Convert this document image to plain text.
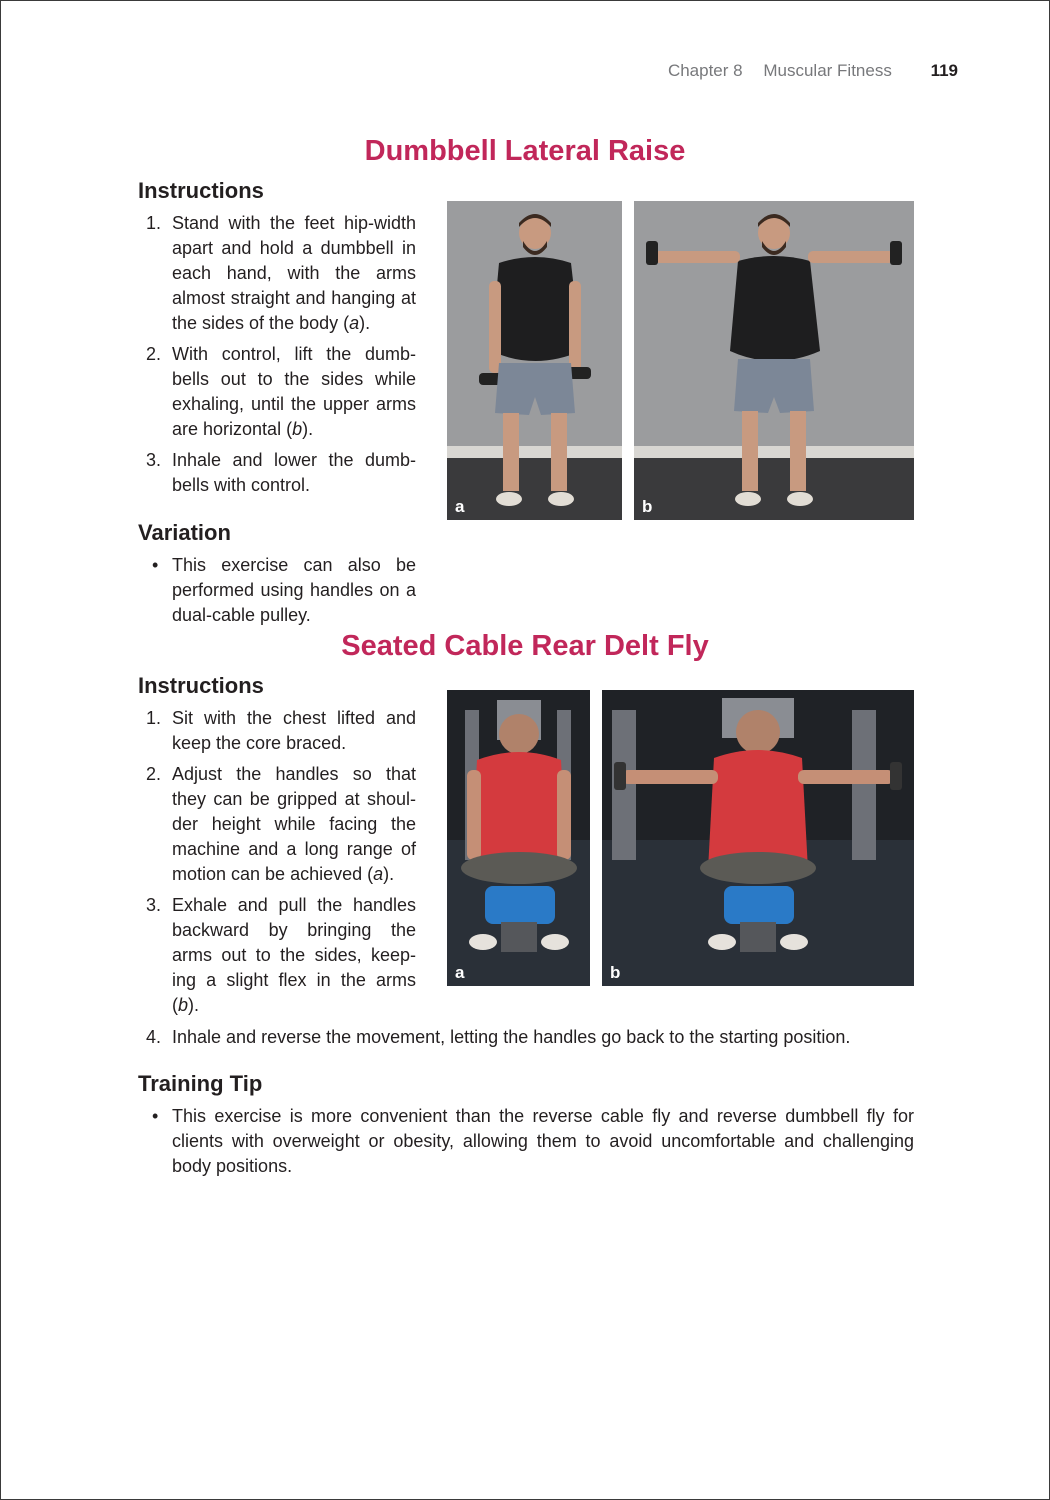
Chapter 8 Muscular Fitness 119
Dumbbell Lateral Raise
Instructions
1. Stand with the feet hip-width apart and hold a dumbbell in each hand, with the arms almost straight and hanging at the sides of the body (a).
2. With control, lift the dumb-bells out to the sides while exhaling, until the upper arms are horizontal (b).
3. Inhale and lower the dumb-bells with control.
a	b
Variation
• This exercise can also be performed using handles on a dual-cable pulley.
Seated Cable Rear Delt Fly
Instructions
1. Sit with the chest lifted and keep the core braced.
2. Adjust the handles so that they can be gripped at shoul-der height while facing the machine and a long range of motion can be achieved (a).
3. Exhale and pull the handles backward by bringing the arms out to the sides, keep-ing a slight flex in the arms (b).
4. Inhale and reverse the movement, letting the handles go back to the starting position.
a	b
Training Tip
• This exercise is more convenient than the reverse cable fly and reverse dumbbell fly for clients with overweight or obesity, allowing them to avoid uncomfortable and challenging body positions.
